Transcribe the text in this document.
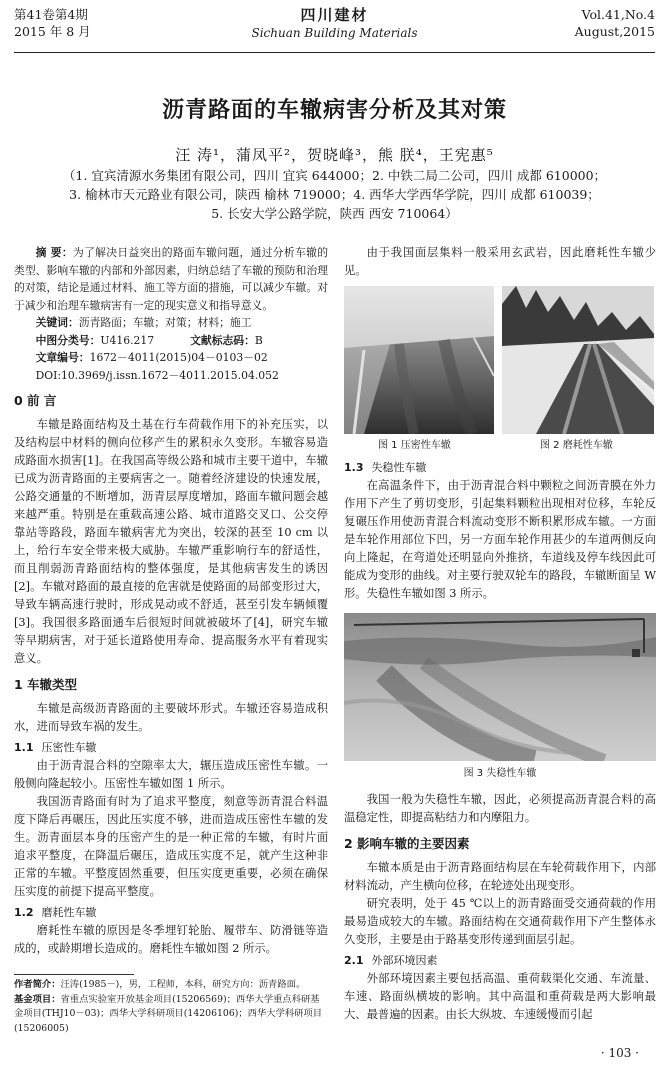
第41卷第4期
2015 年 8 月
四川建材
Sichuan Building Materials
Vol.41,No.4
August,2015
沥青路面的车辙病害分析及其对策
汪 涛¹，蒲凤平²，贺晓峰³，熊 朕⁴，王宪惠⁵
（1. 宜宾清源水务集团有限公司，四川 宜宾 644000；2. 中铁二局二公司，四川 成都 610000；
3. 榆林市天元路业有限公司，陕西 榆林 719000；4. 西华大学西华学院，四川 成都 610039；
5. 长安大学公路学院，陕西 西安 710064）

摘 要：为了解决日益突出的路面车辙问题，通过分析车辙的类型、影响车辙的内部和外部因素，归纳总结了车辙的预防和治理的对策，结论是通过材料、施工等方面的措施，可以减少车辙。对于减少和治理车辙病害有一定的现实意义和指导意义。

关键词：沥青路面；车辙；对策；材料；施工

中图分类号：U416.217	文献标志码：B

文章编号：1672－4011(2015)04－0103－02

DOI:10.3969/j.issn.1672－4011.2015.04.052

0 前 言

车辙是路面结构及土基在行车荷载作用下的补充压实，以及结构层中材料的侧向位移产生的累积永久变形。车辙容易造成路面水损害[1]。在我国高等级公路和城市主要干道中，车辙已成为沥青路面的主要病害之一。随着经济建设的快速发展，公路交通量的不断增加，沥青层厚度增加，路面车辙问题会越来越严重。特别是在重载高速公路、城市道路交叉口、公交停靠站等路段，路面车辙病害尤为突出，较深的甚至 10 cm 以上，给行车安全带来极大威胁。车辙严重影响行车的舒适性，而且削弱沥青路面结构的整体强度，是其他病害发生的诱因[2]。车辙对路面的最直接的危害就是使路面的局部变形过大，导致车辆高速行驶时，形成晃动或不舒适，甚至引发车辆倾覆[3]。我国很多路面通车后很短时间就被破坏了[4]，研究车辙等早期病害，对于延长道路使用寿命、提高服务水平有着现实意义。

1 车辙类型

车辙是高级沥青路面的主要破坏形式。车辙还容易造成积水，进而导致车祸的发生。

1.1 压密性车辙

由于沥青混合料的空隙率太大，辗压造成压密性车辙。一般侧向隆起较小。压密性车辙如图 1 所示。

我国沥青路面有时为了追求平整度，刻意等沥青混合料温度下降后再碾压，因此压实度不够，进而造成压密性车辙的发生。沥青面层本身的压密产生的是一种正常的车辙，有时片面追求平整度，在降温后碾压，造成压实度不足，就产生这种非正常的车辙。平整度固然重要，但压实度更重要，必须在确保压实度的前提下提高平整度。

1.2 磨耗性车辙

磨耗性车辙的原因是冬季埋钉轮胎、履带车、防滑链等造成的，或龄期增长造成的。磨耗性车辙如图 2 所示。

作者简介：汪涛(1985－)，男，工程师，本科，研究方向：沥青路面。
基金项目：省重点实验室开放基金项目(15206569)；西华大学重点科研基金项目(THJ10－03)；西华大学科研项目(14206106)；西华大学科研项目(15206005)

由于我国面层集料一般采用玄武岩，因此磨耗性车辙少见。

图 1 压密性车辙	图 2 磨耗性车辙
1.3 失稳性车辙

在高温条件下，由于沥青混合料中颗粒之间沥青膜在外力作用下产生了剪切变形，引起集料颗粒出现相对位移，车轮反复碾压作用使沥青混合料流动变形不断积累形成车辙。一方面是车轮作用部位下凹，另一方面车轮作用甚少的车道两侧反向向上隆起，在弯道处还明显向外推挤，车道线及停车线因此可能成为变形的曲线。对主要行驶双轮车的路段，车辙断面呈 W 形。失稳性车辙如图 3 所示。

图 3 失稳性车辙

我国一般为失稳性车辙，因此，必须提高沥青混合料的高温稳定性，即提高粘结力和内摩阻力。

2 影响车辙的主要因素

车辙本质是由于沥青路面结构层在车轮荷载作用下，内部材料流动，产生横向位移，在轮迹处出现变形。

研究表明，处于 45 ℃以上的沥青路面受交通荷载的作用最易造成较大的车辙。路面结构在交通荷载作用下产生整体永久变形，主要是由于路基变形传递到面层引起。

2.1 外部环境因素

外部环境因素主要包括高温、重荷载渠化交通、车流量、车速、路面纵横坡的影响。其中高温和重荷载是两大影响最大、最普遍的因素。由长大纵坡、车速缓慢而引起

· 103 ·
